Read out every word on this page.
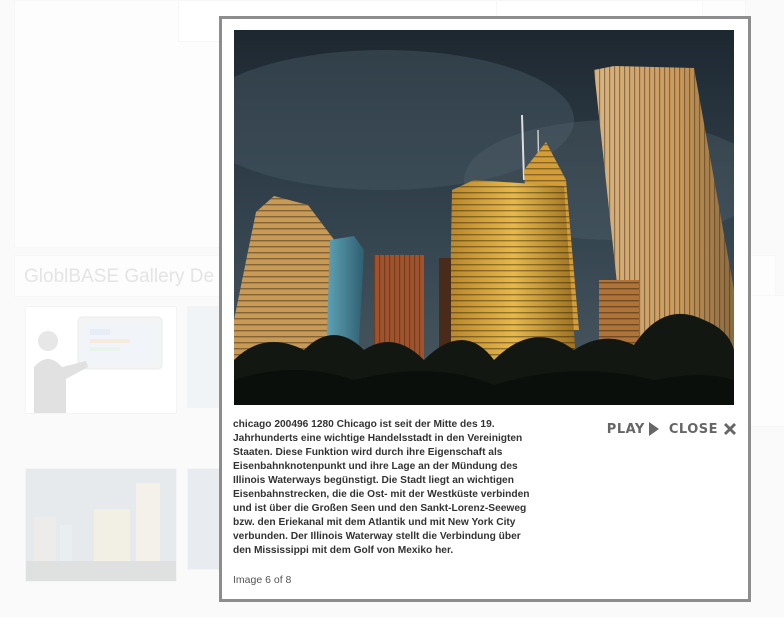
chicago 200496 1280 Chicago ist seit der Mitte des 19. Jahrhunderts eine wichtige Handelsstadt in den Vereinigten Staaten. Diese Funktion wird durch ihre Eigenschaft als Eisenbahnknotenpunkt und ihre Lage an der Mündung des Illinois Waterways begünstigt. Die Stadt liegt an wichtigen Eisenbahnstrecken, die die Ost- mit der Westküste verbinden und ist über die Großen Seen und den Sankt-Lorenz-Seeweg bzw. den Eriekanal mit dem Atlantik und mit New York City verbunden. Der Illinois Waterway stellt die Verbindung über den Mississippi mit dem Golf von Mexiko her.
Image 6 of 8
PLAY CLOSE
